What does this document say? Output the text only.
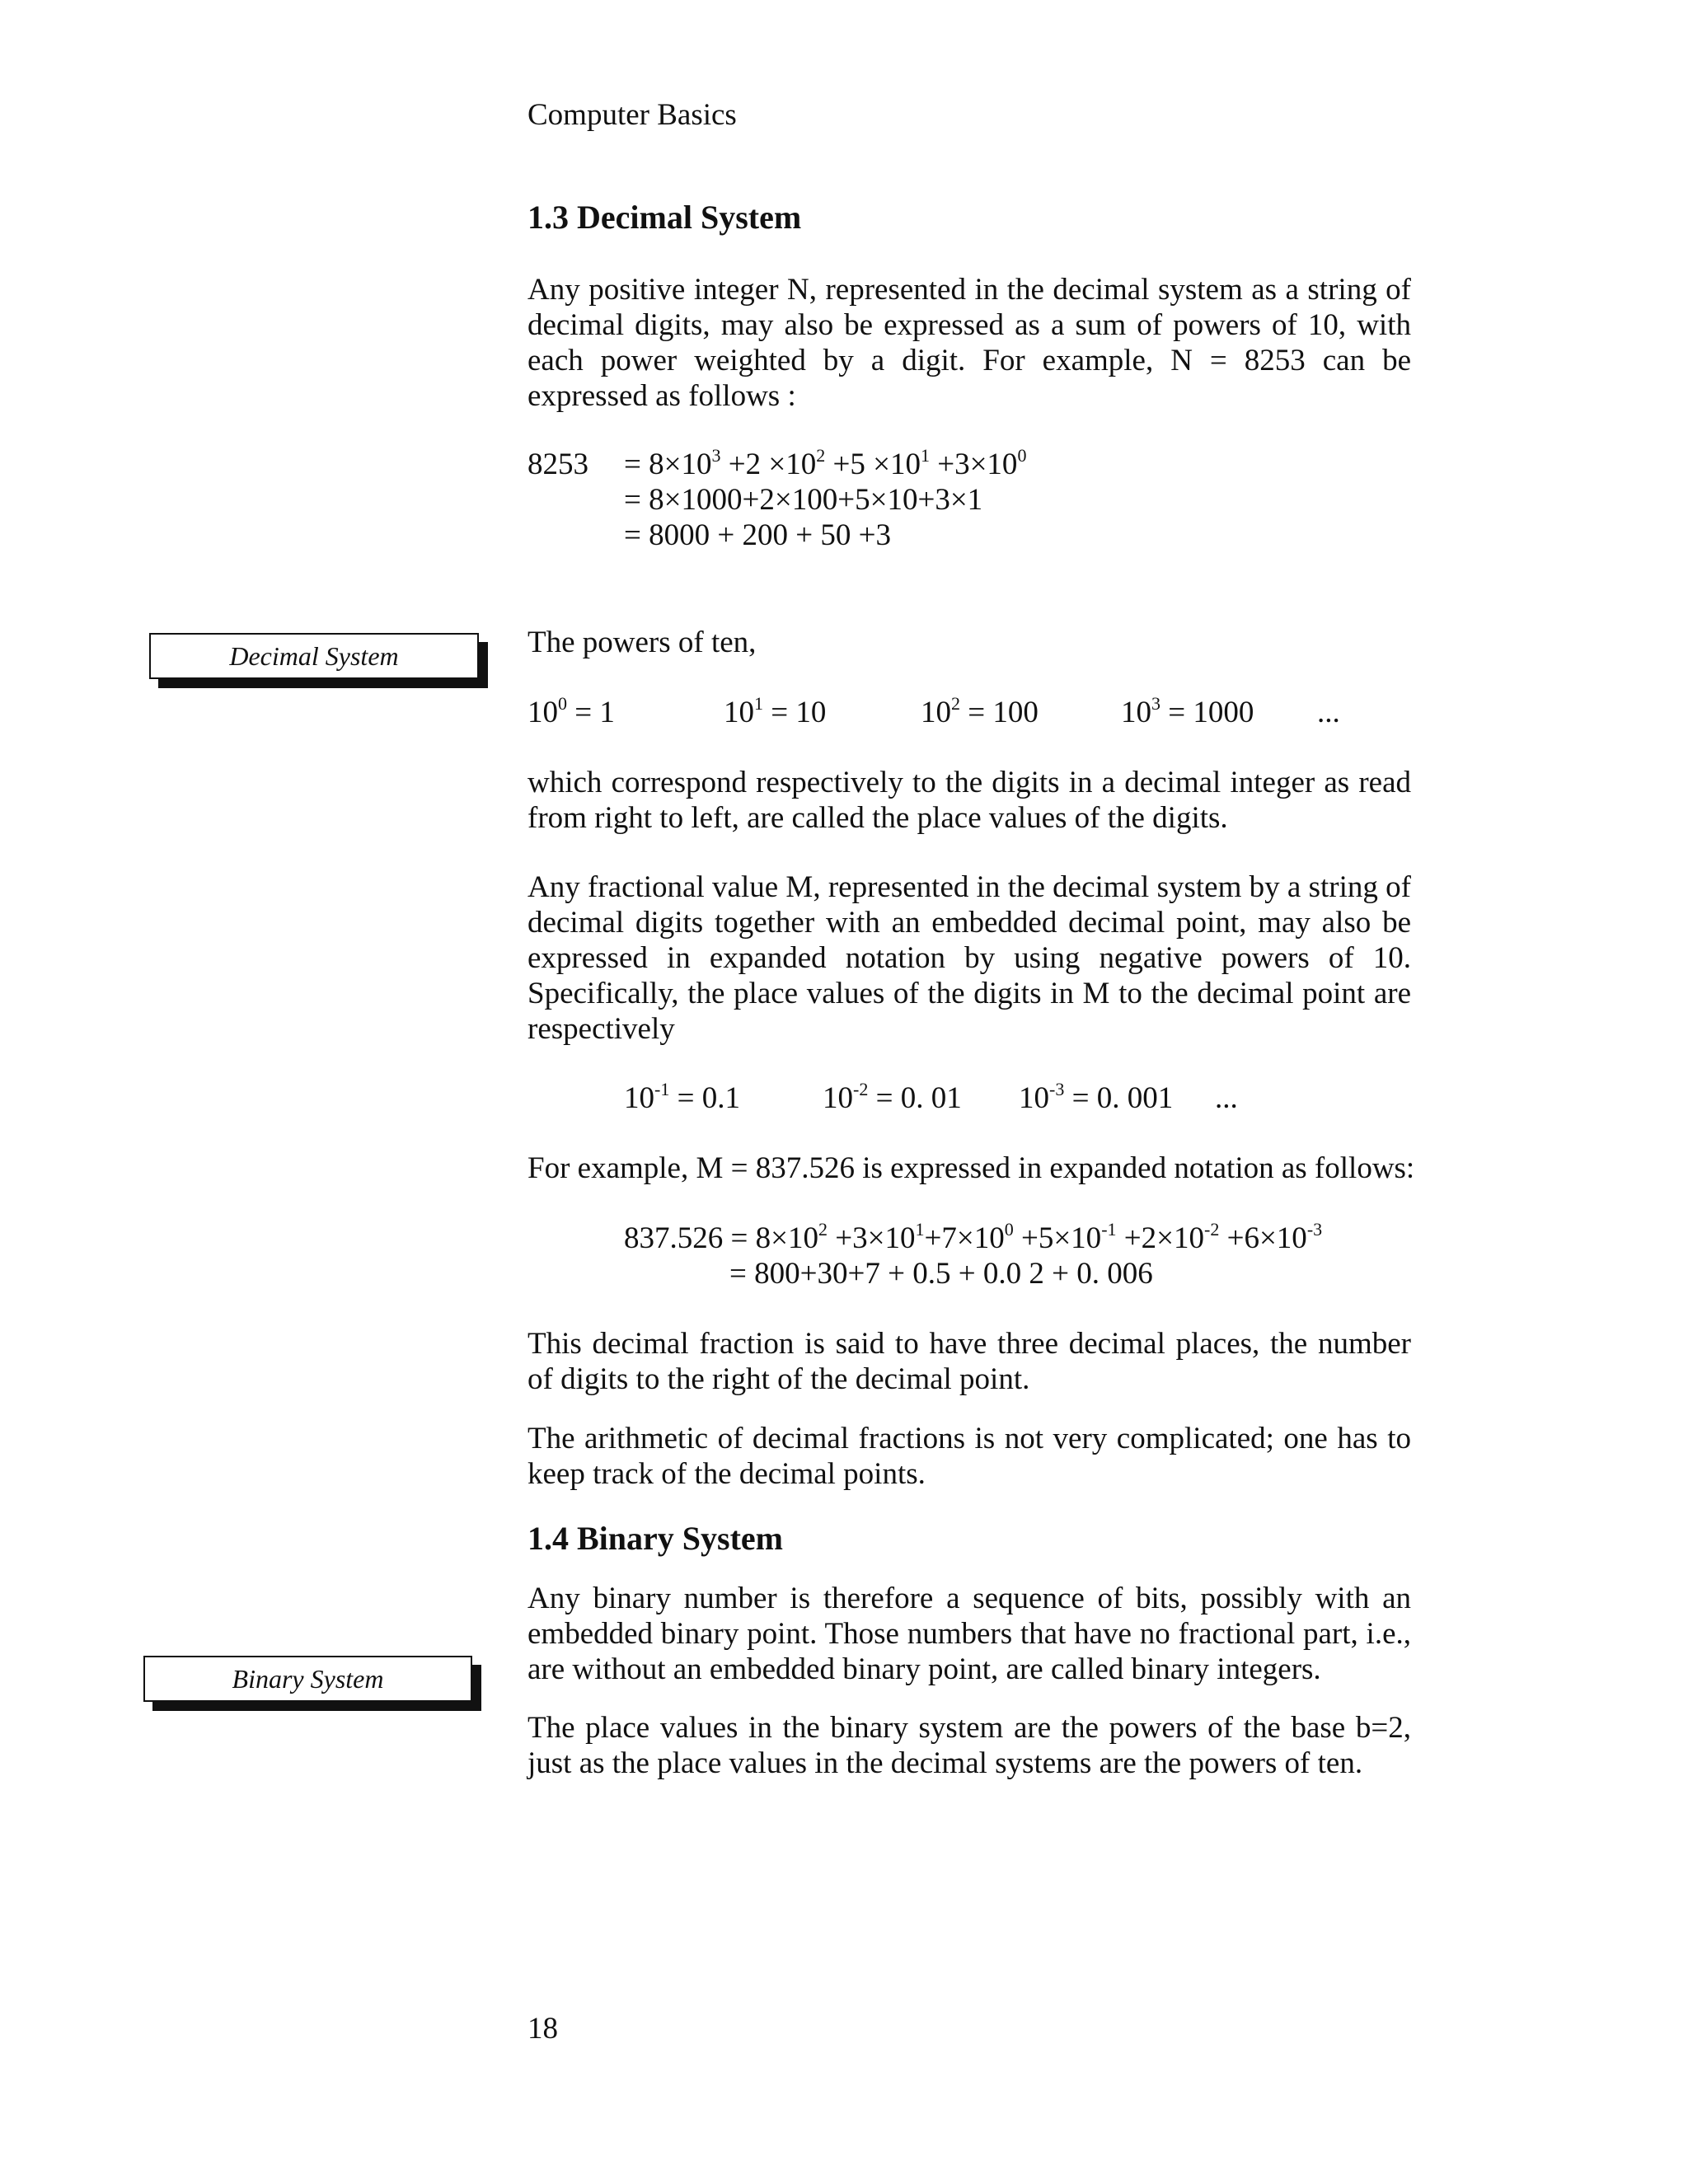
Computer Basics
1.3 Decimal System

Any positive integer N, represented in the decimal system as a string of decimal digits, may also be expressed as a sum of powers of 10, with each power weighted by a digit. For example, N = 8253 can be expressed as follows :

$8253 = 8\times 10^3 +2 \times 10^2 +5 \times 10^1 +3\times 10^0$
= 8×1000+2×100+5×10+3×1
= 8000 + 200 + 50 +3
Decimal System	The powers of ten,
$10^0 = 1$	$10^1 = 10$	$10^2 = 100$	$10^3 = 1000$ ...

which correspond respectively to the digits in a decimal integer as read from right to left, are called the place values of the digits.

Any fractional value M, represented in the decimal system by a string of decimal digits together with an embedded decimal point, may also be expressed in expanded notation by using negative powers of 10. Specifically, the place values of the digits in M to the decimal point are respectively

$10^{-1} = 0.1$	$10^{-2} = 0$. 01 $10^{-3} = 0$. 001 ...
For example, M = 837.526 is expressed in expanded notation as follows:
$837.526 = 8\times 10^2 +3\times 10^1+7\times 10^0 +5\times 10^{-1} +2\times 10^{-2} +6\times 10^{-3}$
= 800+30+7 + 0.5 + 0.0 2 + 0. 006

This decimal fraction is said to have three decimal places, the number of digits to the right of the decimal point.

The arithmetic of decimal fractions is not very complicated; one has to keep track of the decimal points.

1.4 Binary System

Any binary number is therefore a sequence of bits, possibly with an embedded binary point. Those numbers that have no fractional part, i.e., are without an embedded binary point, are called binary integers.

Binary System

The place values in the binary system are the powers of the base b=2, just as the place values in the decimal systems are the powers of ten.

18
